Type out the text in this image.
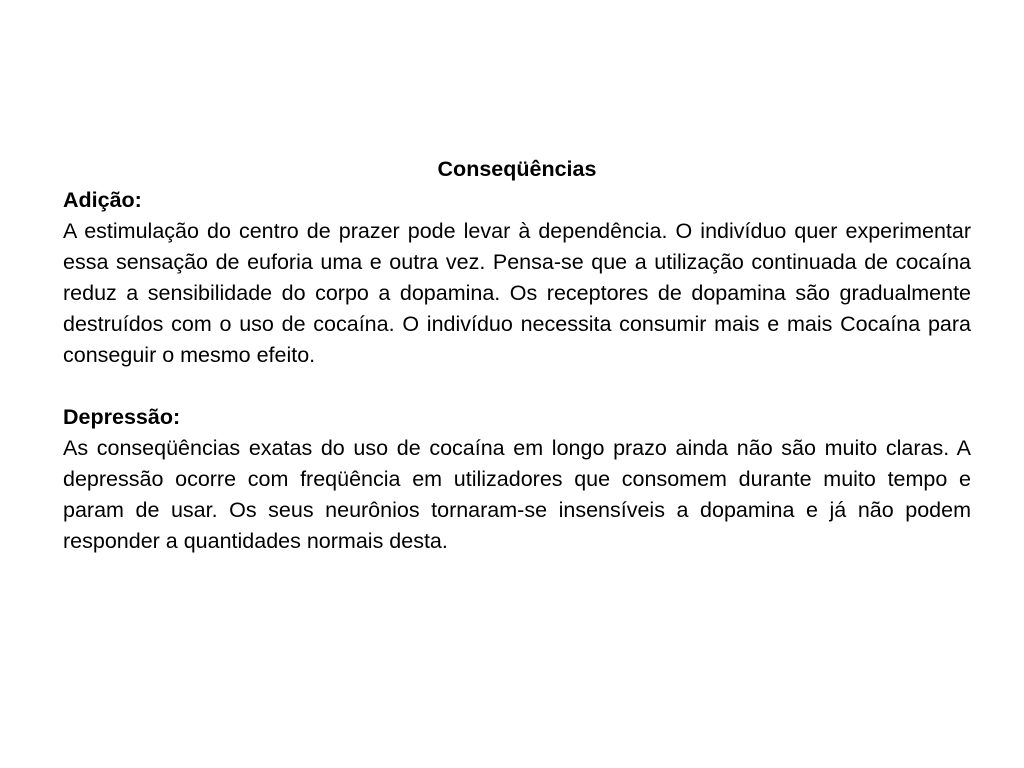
Conseqüências

Adição:

A estimulação do centro de prazer pode levar à dependência. O indivíduo quer experimentar essa sensação de euforia uma e outra vez. Pensa-se que a utilização continuada de cocaína reduz a sensibilidade do corpo a dopamina. Os receptores de dopamina são gradualmente destruídos com o uso de cocaína. O indivíduo necessita consumir mais e mais Cocaína para conseguir o mesmo efeito.

Depressão:

As conseqüências exatas do uso de cocaína em longo prazo ainda não são muito claras. A depressão ocorre com freqüência em utilizadores que consomem durante muito tempo e param de usar. Os seus neurônios tornaram-se insensíveis a dopamina e já não podem responder a quantidades normais desta.
